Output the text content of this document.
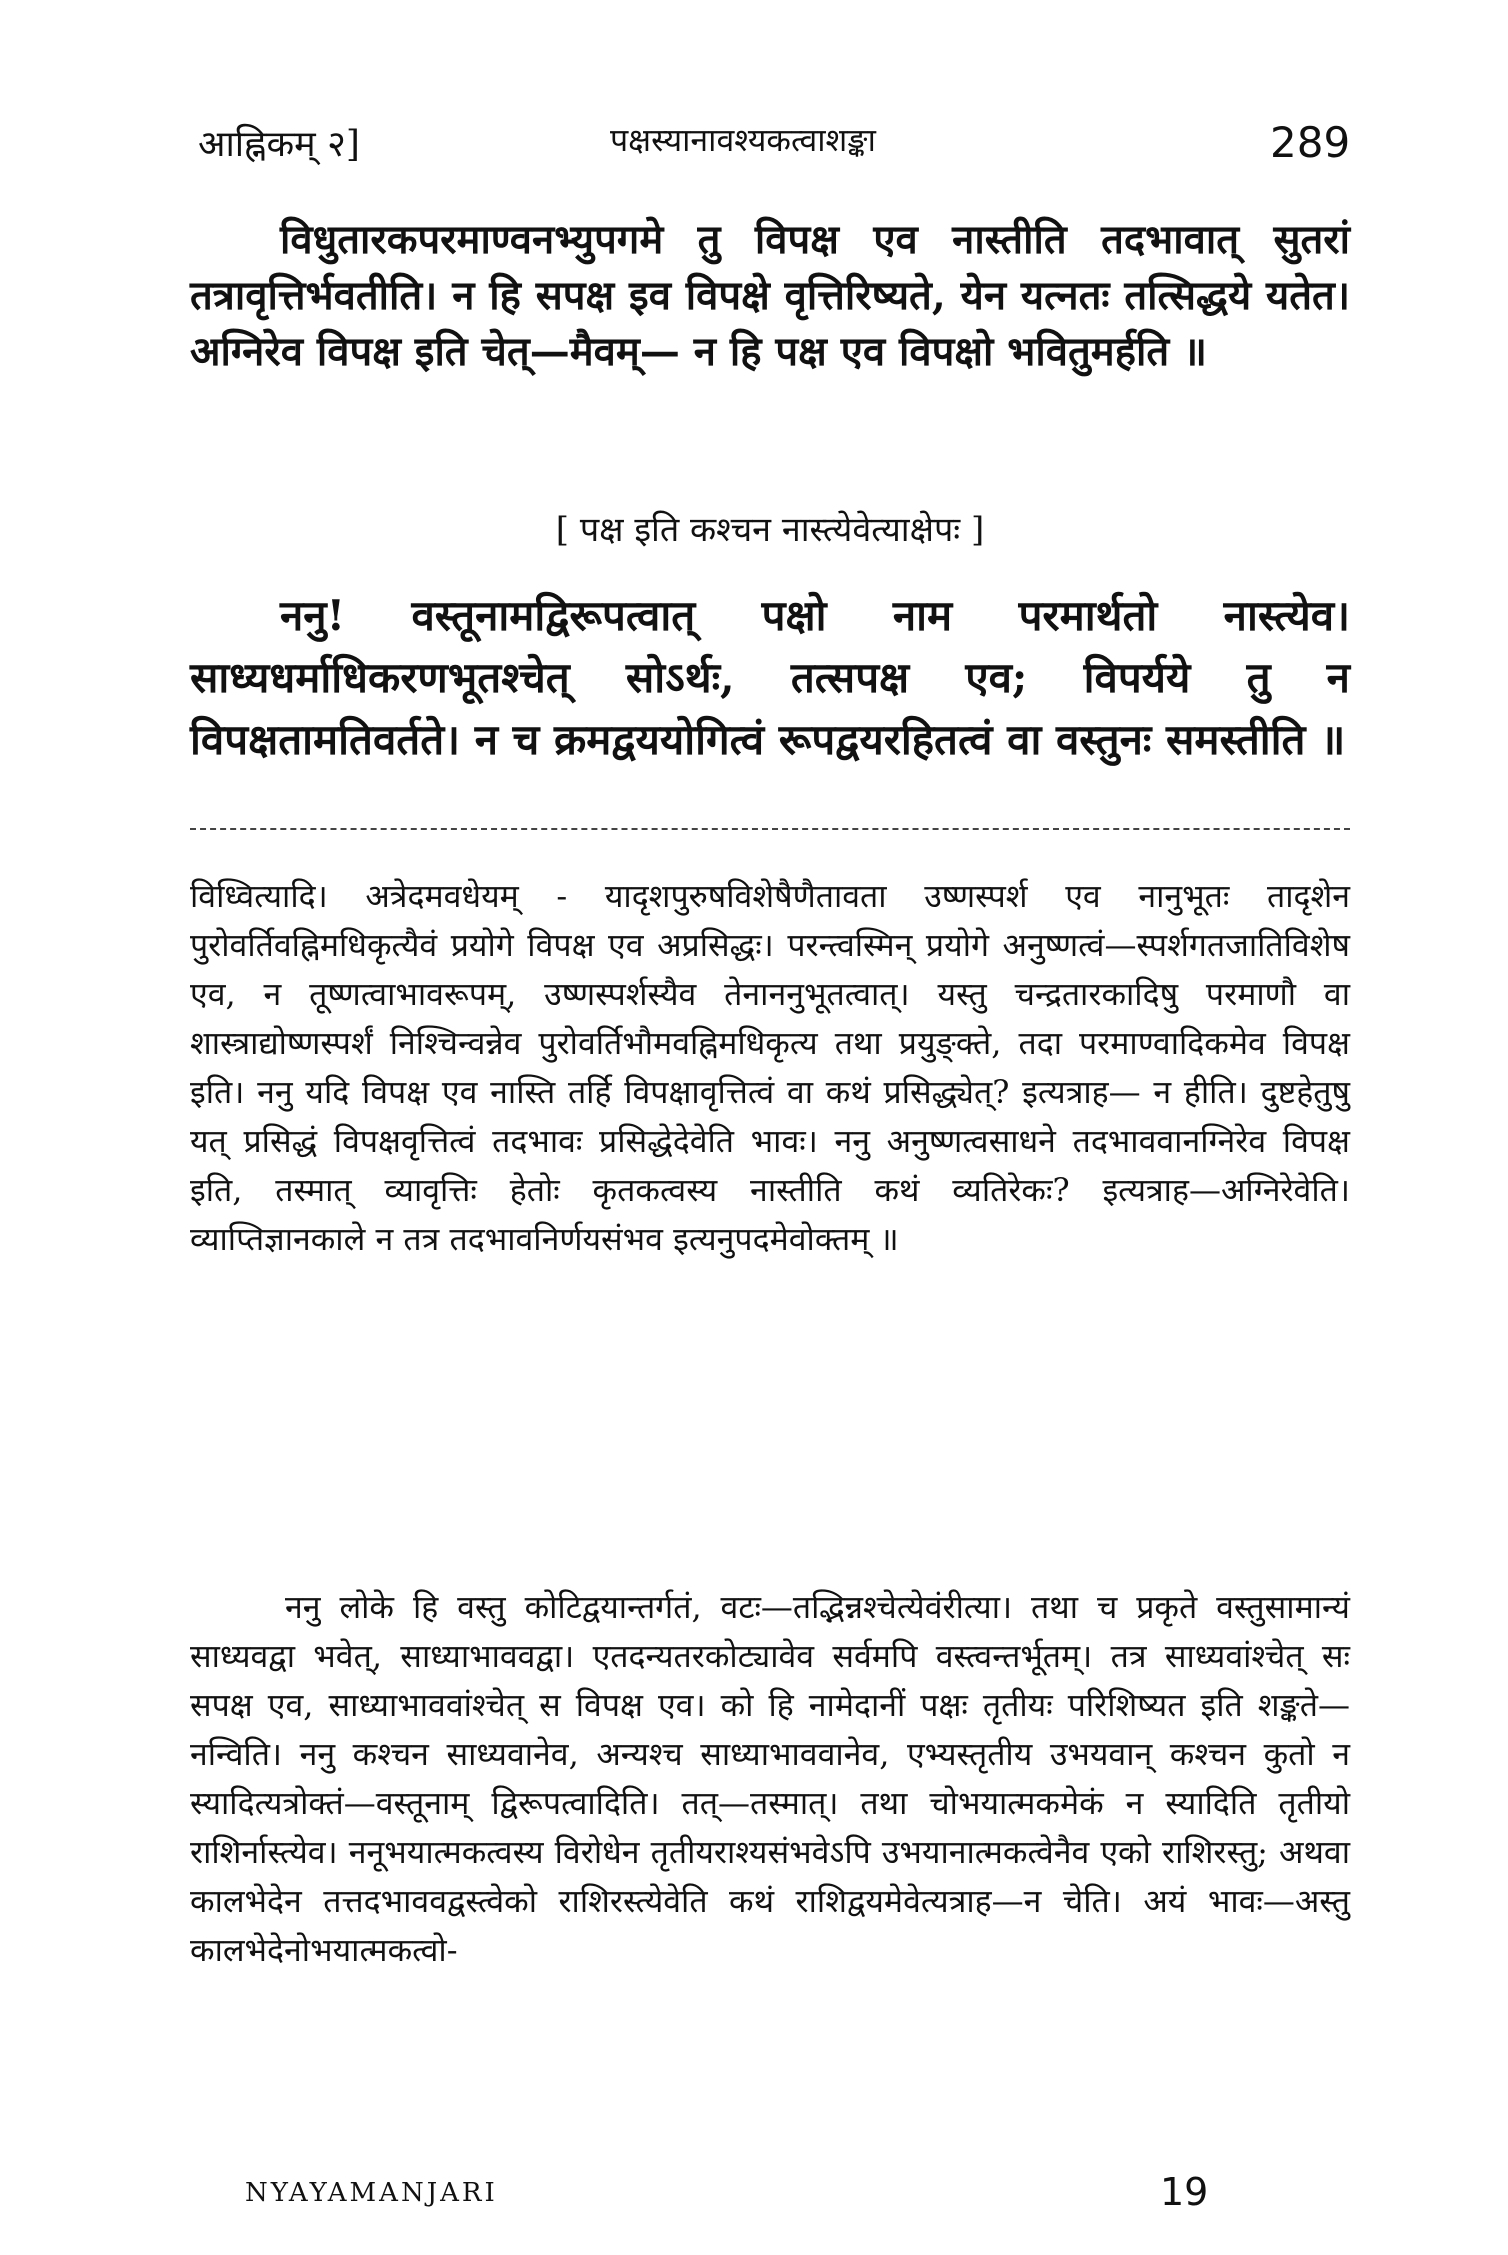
आह्निकम् २]	पक्षस्यानावश्यकत्वाशङ्का	289

विधुतारकपरमाण्वनभ्युपगमे तु विपक्ष एव नास्तीति तदभावात् सुतरां तत्रावृत्तिर्भवतीति। न हि सपक्ष इव विपक्षे वृत्तिरिष्यते, येन यत्नतः तत्सिद्धये यतेत। अग्निरेव विपक्ष इति चेत्—मैवम्— न हि पक्ष एव विपक्षो भवितुमर्हति ॥

[ पक्ष इति कश्चन नास्त्येवेत्याक्षेपः ]

ननु! वस्तूनामद्विरूपत्वात् पक्षो नाम परमार्थतो नास्त्येव। साध्यधर्माधिकरणभूतश्चेत् सोऽर्थः, तत्सपक्ष एव; विपर्यये तु न विपक्षतामतिवर्तते। न च क्रमद्वययोगित्वं रूपद्वयरहितत्वं वा वस्तुनः समस्तीति ॥

विध्वित्यादि। अत्रेदमवधेयम् - यादृशपुरुषविशेषैणैतावता उष्णस्पर्श एव नानुभूतः तादृशेन पुरोवर्तिवह्निमधिकृत्यैवं प्रयोगे विपक्ष एव अप्रसिद्धः। परन्त्वस्मिन् प्रयोगे अनुष्णत्वं—स्पर्शगतजातिविशेष एव, न तूष्णत्वाभावरूपम्, उष्णस्पर्शस्यैव तेनाननुभूतत्वात्। यस्तु चन्द्रतारकादिषु परमाणौ वा शास्त्राद्योष्णस्पर्शं निश्चिन्वन्नेव पुरोवर्तिभौमवह्निमधिकृत्य तथा प्रयुङ्क्ते, तदा परमाण्वादिकमेव विपक्ष इति। ननु यदि विपक्ष एव नास्ति तर्हि विपक्षावृत्तित्वं वा कथं प्रसिद्ध्येत्? इत्यत्राह— न हीति। दुष्टहेतुषु यत् प्रसिद्धं विपक्षवृत्तित्वं तदभावः प्रसिद्धेदेवेति भावः। ननु अनुष्णत्वसाधने तदभाववानग्निरेव विपक्ष इति, तस्मात् व्यावृत्तिः हेतोः कृतकत्वस्य नास्तीति कथं व्यतिरेकः? इत्यत्राह—अग्निरेवेति। व्याप्तिज्ञानकाले न तत्र तदभावनिर्णयसंभव इत्यनुपदमेवोक्तम् ॥

ननु लोके हि वस्तु कोटिद्वयान्तर्गतं, वटः—तद्भिन्नश्चेत्येवंरीत्या। तथा च प्रकृते वस्तुसामान्यं साध्यवद्वा भवेत्, साध्याभाववद्वा। एतदन्यतरकोट्यावेव सर्वमपि वस्त्वन्तर्भूतम्। तत्र साध्यवांश्चेत् सः सपक्ष एव, साध्याभाववांश्चेत् स विपक्ष एव। को हि नामेदानीं पक्षः तृतीयः परिशिष्यत इति शङ्कते—नन्विति। ननु कश्चन साध्यवानेव, अन्यश्च साध्याभाववानेव, एभ्यस्तृतीय उभयवान् कश्चन कुतो न स्यादित्यत्रोक्तं—वस्तूनाम् द्विरूपत्वादिति। तत्—तस्मात्। तथा चोभयात्मकमेकं न स्यादिति तृतीयो राशिर्नास्त्येव। ननूभयात्मकत्वस्य विरोधेन तृतीयराश्यसंभवेऽपि उभयानात्मकत्वेनैव एको राशिरस्तु; अथवा कालभेदेन तत्तदभाववद्वस्त्वेको राशिरस्त्येवेति कथं राशिद्वयमेवेत्यत्राह—न चेति। अयं भावः—अस्तु कालभेदेनोभयात्मकत्वो-

NYAYAMANJARI	19
